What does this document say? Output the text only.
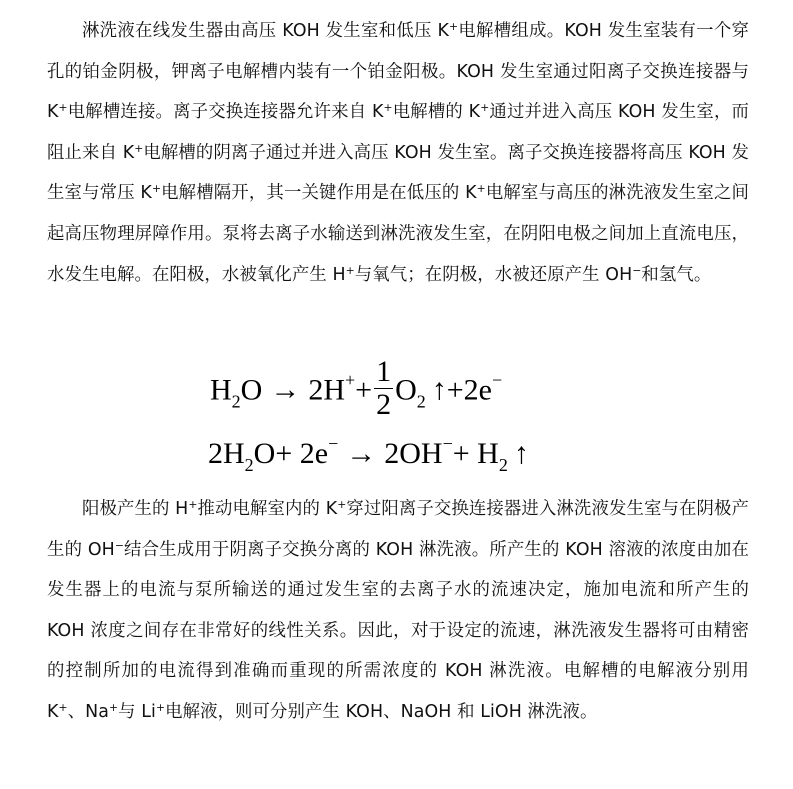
淋洗液在线发生器由高压 KOH 发生室和低压 K+电解槽组成。KOH 发生室装有一个穿孔的铂金阴极，钾离子电解槽内装有一个铂金阳极。KOH 发生室通过阳离子交换连接器与 K+电解槽连接。离子交换连接器允许来自 K+电解槽的 K+通过并进入高压 KOH 发生室，而阻止来自 K+电解槽的阴离子通过并进入高压 KOH 发生室。离子交换连接器将高压 KOH 发生室与常压 K+电解槽隔开，其一关键作用是在低压的 K+电解室与高压的淋洗液发生室之间起高压物理屏障作用。泵将去离子水输送到淋洗液发生室，在阴阳电极之间加上直流电压，水发生电解。在阳极，水被氧化产生 H+与氧气；在阴极，水被还原产生 OH−和氢气。

$H_2O \to 2H^++ \frac{1}{2} O_2$ ↑+2e−
$2H_2O+ 2e^- \to 2OH^-+ H_2$ ↑

阳极产生的 H+推动电解室内的 K+穿过阳离子交换连接器进入淋洗液发生室与在阴极产生的 OH−结合生成用于阴离子交换分离的 KOH 淋洗液。所产生的 KOH 溶液的浓度由加在发生器上的电流与泵所输送的通过发生室的去离子水的流速决定，施加电流和所产生的 KOH 浓度之间存在非常好的线性关系。因此，对于设定的流速，淋洗液发生器将可由精密的控制所加的电流得到准确而重现的所需浓度的 KOH 淋洗液。电解槽的电解液分别用 K+、Na+与 Li+电解液，则可分别产生 KOH、NaOH 和 LiOH 淋洗液。
